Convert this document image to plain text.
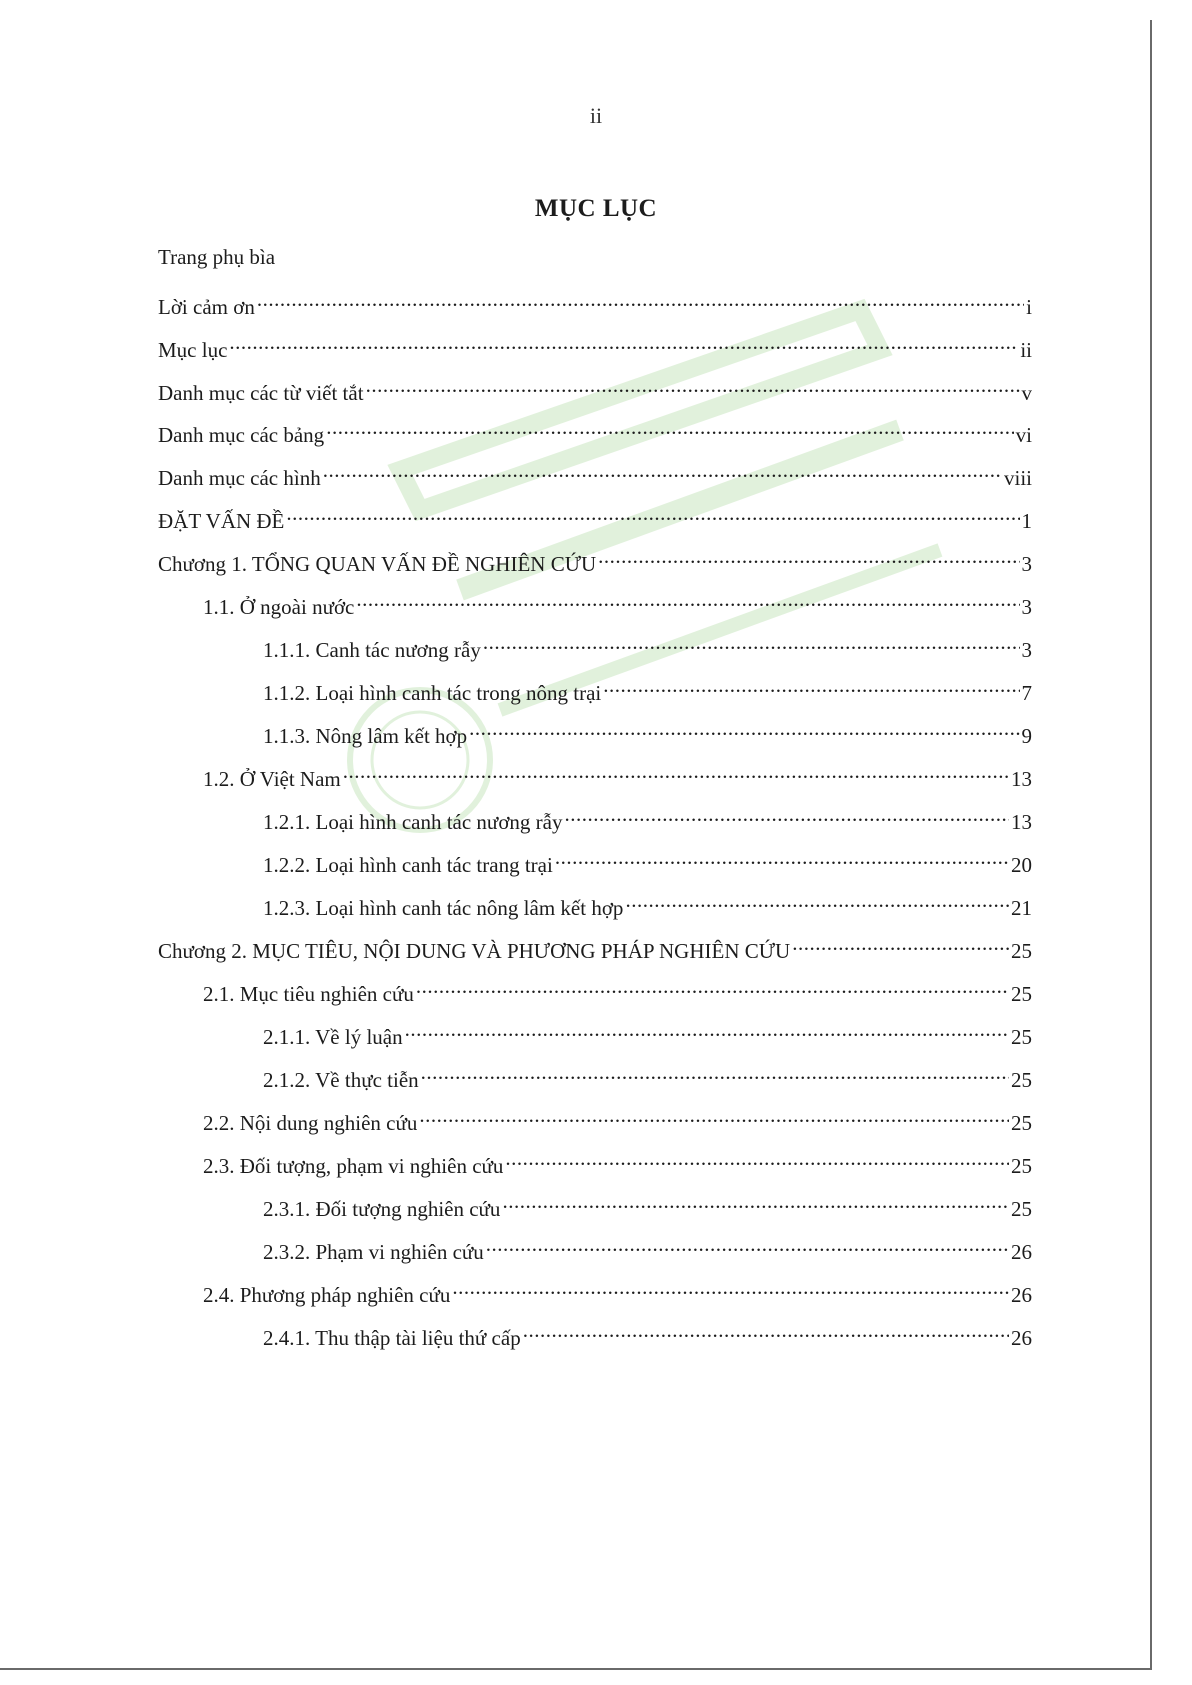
ii
MỤC LỤC
Trang phụ bìa
Lời cảm ơn .....	i
Mục lục .....	ii
Danh mục các từ viết tắt .....	v
Danh mục các bảng .....	vi
Danh mục các hình .....	viii
ĐẶT VẤN ĐỀ .....	1
Chương 1. TỔNG QUAN VẤN ĐỀ NGHIÊN CỨU .....	3
1.1. Ở ngoài nước .....	3
1.1.1. Canh tác nương rẫy .....	3
1.1.2. Loại hình canh tác trong nông trại .....	7
1.1.3. Nông lâm kết hợp .....	9
1.2. Ở Việt Nam .....	13
1.2.1. Loại hình canh tác nương rẫy .....	13
1.2.2. Loại hình canh tác trang trại .....	20
1.2.3. Loại hình canh tác nông lâm kết hợp .....	21
Chương 2. MỤC TIÊU, NỘI DUNG VÀ PHƯƠNG PHÁP NGHIÊN CỨU .....	25
2.1. Mục tiêu nghiên cứu .....	25
2.1.1. Về lý luận .....	25
2.1.2. Về thực tiễn .....	25
2.2. Nội dung nghiên cứu .....	25
2.3. Đối tượng, phạm vi nghiên cứu .....	25
2.3.1. Đối tượng nghiên cứu .....	25
2.3.2. Phạm vi nghiên cứu .....	26
2.4. Phương pháp nghiên cứu .....	26
2.4.1. Thu thập tài liệu thứ cấp .....	26
